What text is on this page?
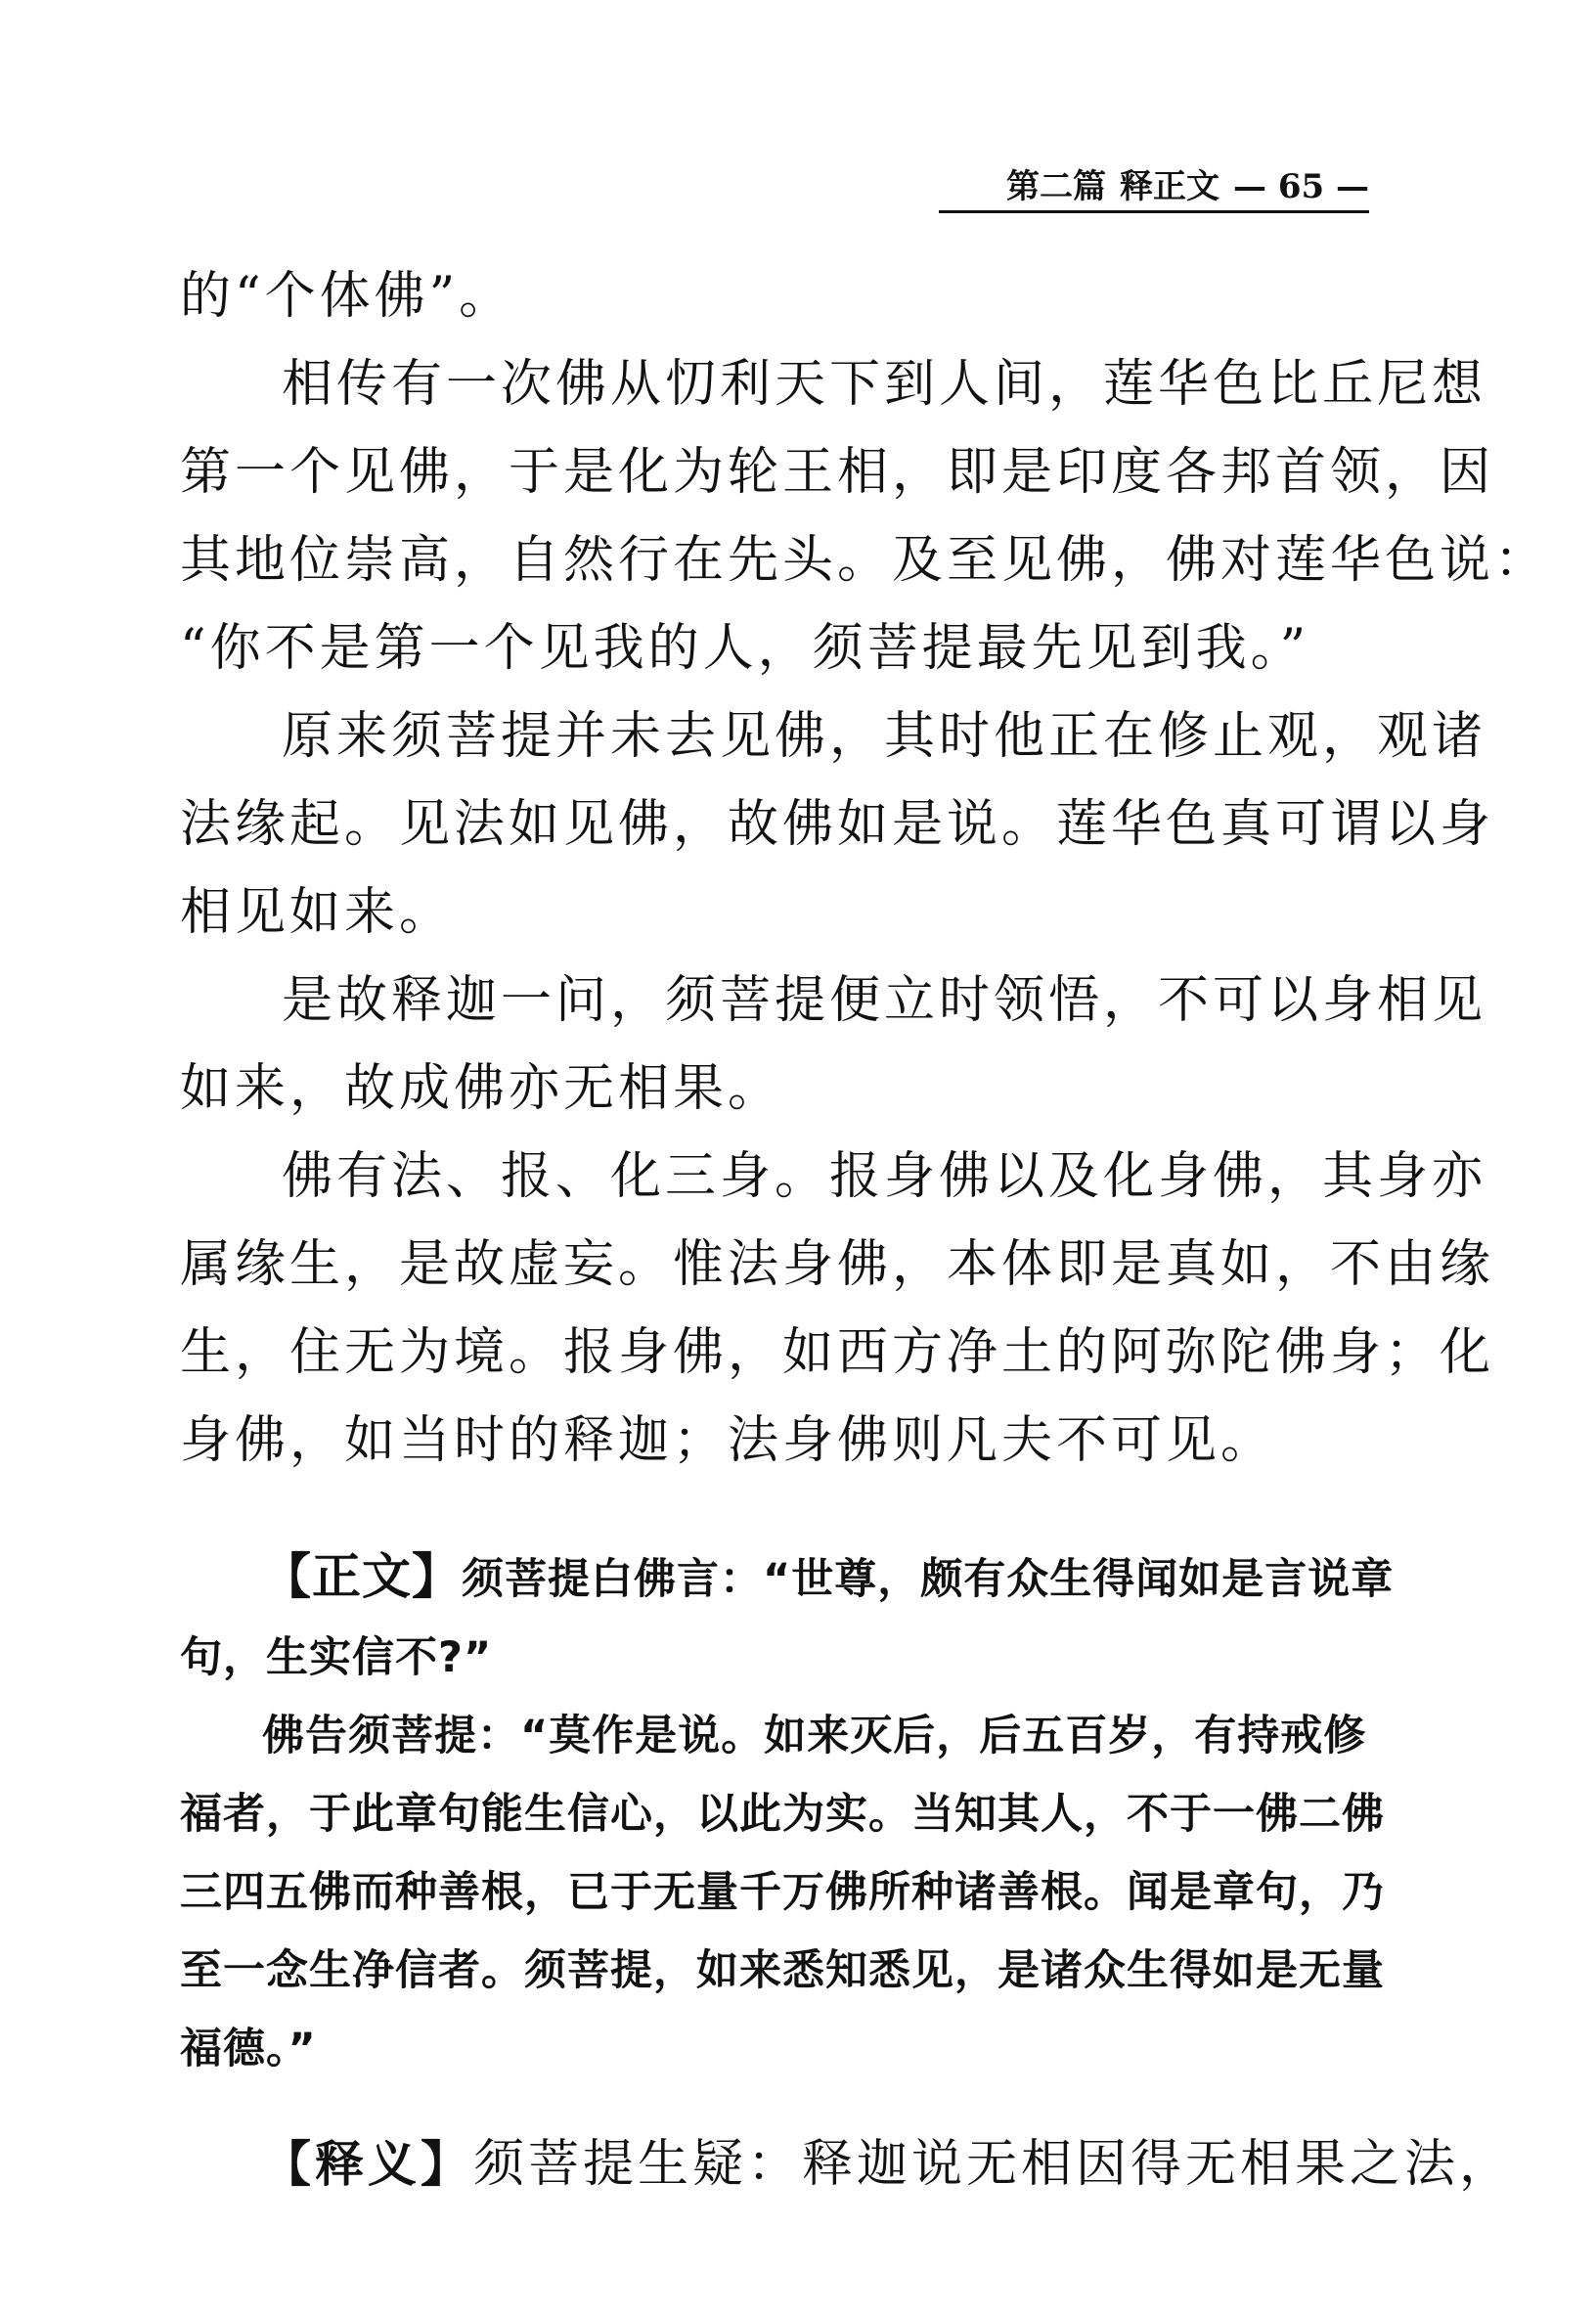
第二篇 释正文 — 65 —

的“个体佛”。

相传有一次佛从忉利天下到人间，莲华色比丘尼想

第一个见佛，于是化为轮王相，即是印度各邦首领，因

其地位崇高，自然行在先头。及至见佛，佛对莲华色说：

“你不是第一个见我的人，须菩提最先见到我。”

原来须菩提并未去见佛，其时他正在修止观，观诸

法缘起。见法如见佛，故佛如是说。莲华色真可谓以身

相见如来。

是故释迦一问，须菩提便立时领悟，不可以身相见

如来，故成佛亦无相果。

佛有法、报、化三身。报身佛以及化身佛，其身亦

属缘生，是故虚妄。惟法身佛，本体即是真如，不由缘

生，住无为境。报身佛，如西方净土的阿弥陀佛身；化

身佛，如当时的释迦；法身佛则凡夫不可见。

【正文】须菩提白佛言：“世尊，颇有众生得闻如是言说章

句，生实信不?”

佛告须菩提：“莫作是说。如来灭后，后五百岁，有持戒修

福者，于此章句能生信心，以此为实。当知其人，不于一佛二佛

三四五佛而种善根，已于无量千万佛所种诸善根。闻是章句，乃

至一念生净信者。须菩提，如来悉知悉见，是诸众生得如是无量

福德。”

【释义】须菩提生疑：释迦说无相因得无相果之法，
